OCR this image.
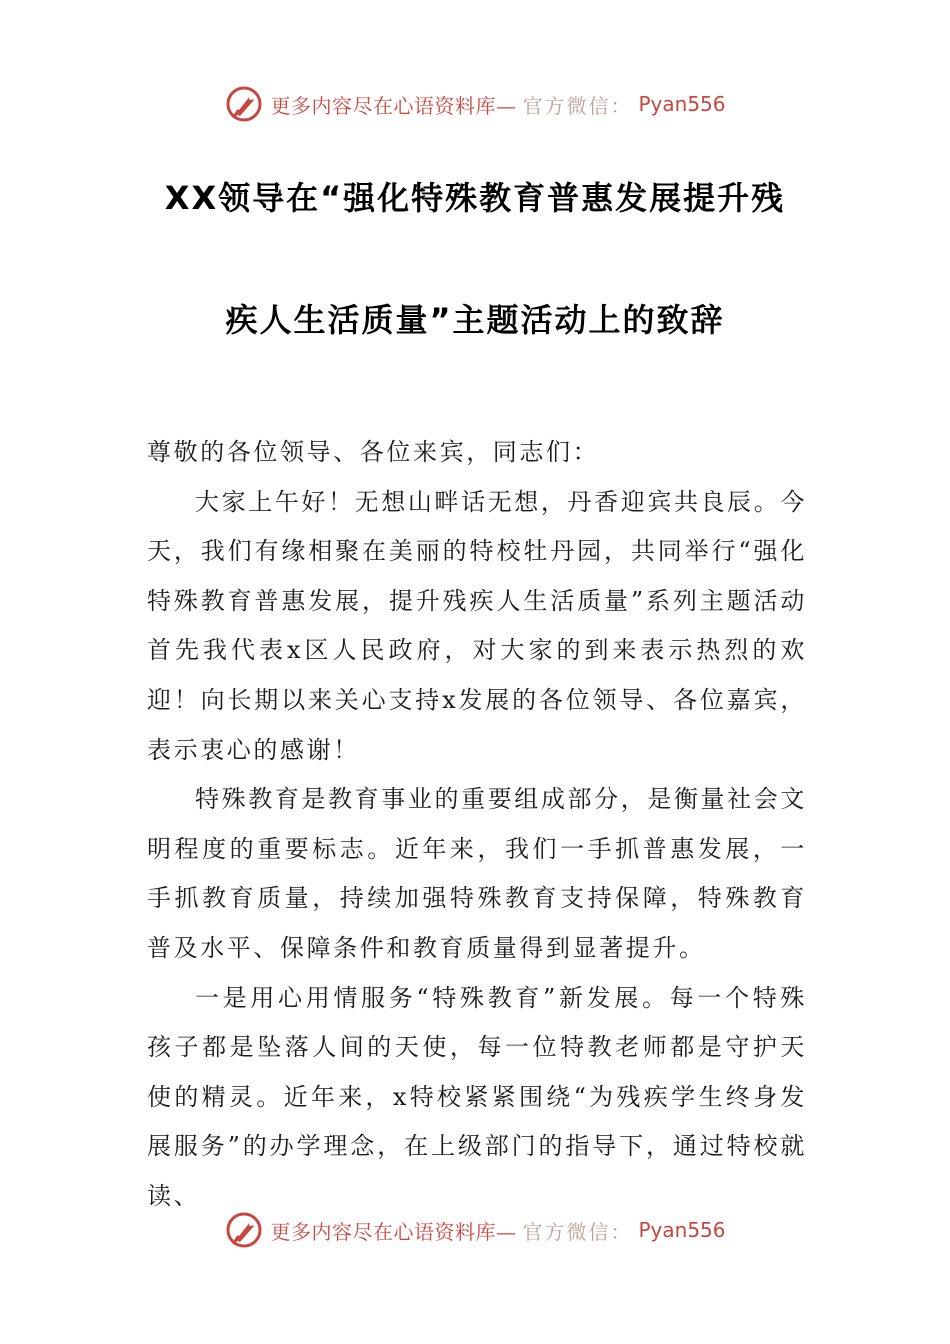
更多内容尽在心语资料库— 官方微信： Pyan556
XX领导在“强化特殊教育普惠发展提升残
疾人生活质量”主题活动上的致辞

尊敬的各位领导、各位来宾，同志们：

大家上午好！无想山畔话无想，丹香迎宾共良辰。今天，我们有缘相聚在美丽的特校牡丹园，共同举行“强化特殊教育普惠发展，提升残疾人生活质量”系列主题活动首先我代表x区人民政府，对大家的到来表示热烈的欢迎！向长期以来关心支持x发展的各位领导、各位嘉宾，表示衷心的感谢！

特殊教育是教育事业的重要组成部分，是衡量社会文明程度的重要标志。近年来，我们一手抓普惠发展，一手抓教育质量，持续加强特殊教育支持保障，特殊教育普及水平、保障条件和教育质量得到显著提升。

一是用心用情服务“特殊教育”新发展。每一个特殊孩子都是坠落人间的天使，每一位特教老师都是守护天使的精灵。近年来，x特校紧紧围绕“为残疾学生终身发展服务”的办学理念，在上级部门的指导下，通过特校就读、

更多内容尽在心语资料库— 官方微信： Pyan556
